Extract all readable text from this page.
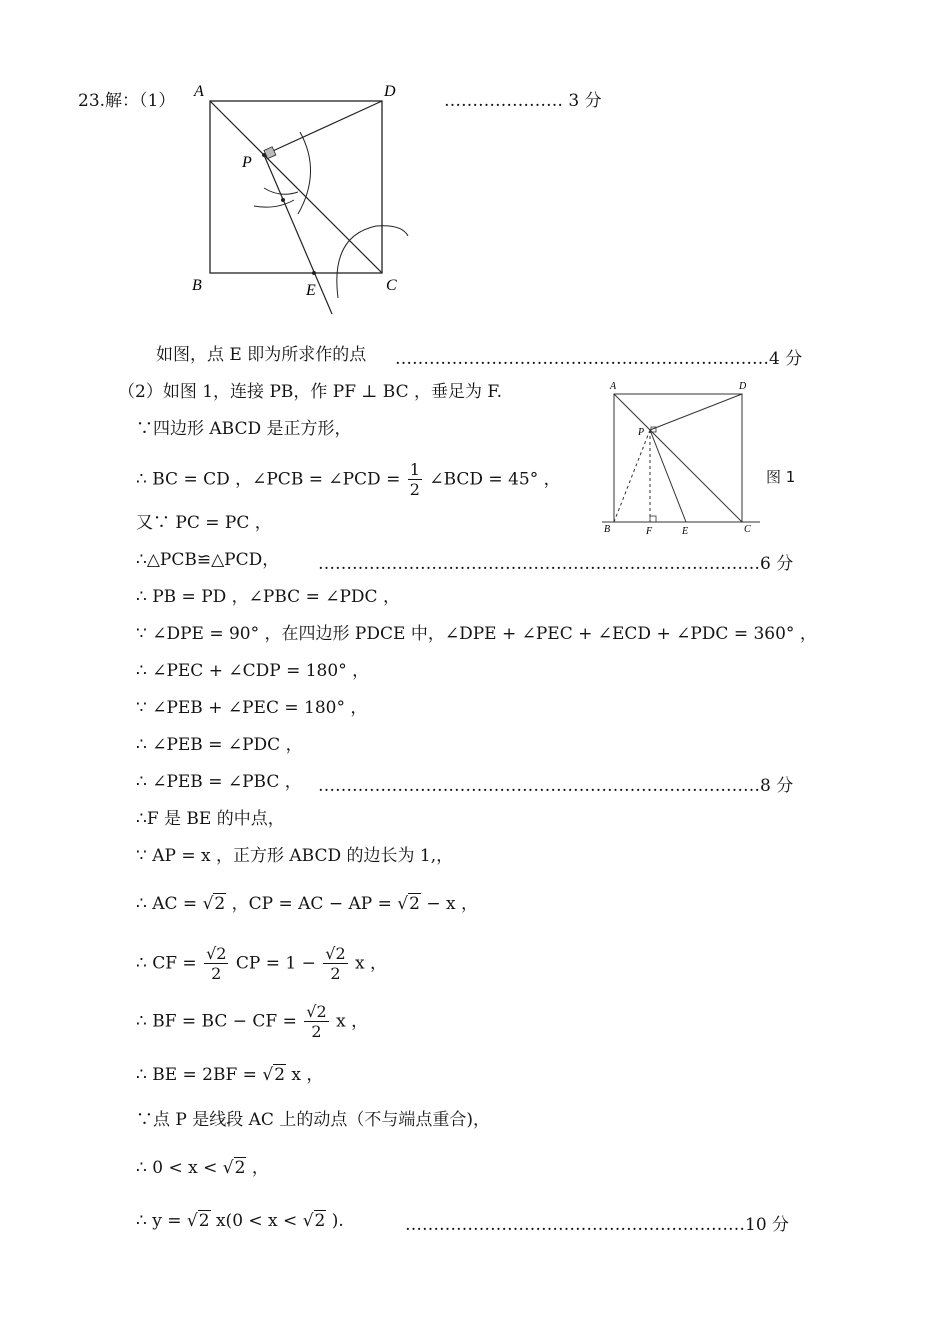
23.解：（1） A	D
P
B	E	C
………………… 3 分
如图，点 E 即为所求作的点 …………………………………………………………4 分
（2）如图 1，连接 PB，作 PF ⊥ BC ，垂足为 F.	A	D
P
B	F	E	C
图 1
∵四边形 ABCD 是正方形，
∴ BC = CD ，∠PCB = ∠PCD = $\frac{1}{2}$ ∠BCD = 45° ，
又∵ PC = PC ，
∴△PCB≌△PCD， ……………………………………………………………………6 分
∴ PB = PD ，∠PBC = ∠PDC ，
∵ ∠DPE = 90° ，在四边形 PDCE 中，∠DPE + ∠PEC + ∠ECD + ∠PDC = 360° ，
∴ ∠PEC + ∠CDP = 180° ，
∵ ∠PEB + ∠PEC = 180° ，
∴ ∠PEB = ∠PDC ，
∴ ∠PEB = ∠PBC ， ……………………………………………………………………8 分
∴F 是 BE 的中点，
∵ AP = x ，正方形 ABCD 的边长为 1,，
∴ AC = √2 ，CP = AC − AP = √2 − x ，
∴ CF = $\frac{√2}{2}$ CP = $1 - \frac{√2}{2}$ x ，
∴ BF = BC − CF = $\frac{√2}{2}$ x ，
∴ BE = 2BF = √2 x ，
∵点 P 是线段 AC 上的动点（不与端点重合)，
∴ 0 < x < √2 ，
∴ y = √2 x(0 < x < √2 ).	……………………………………………………10 分
